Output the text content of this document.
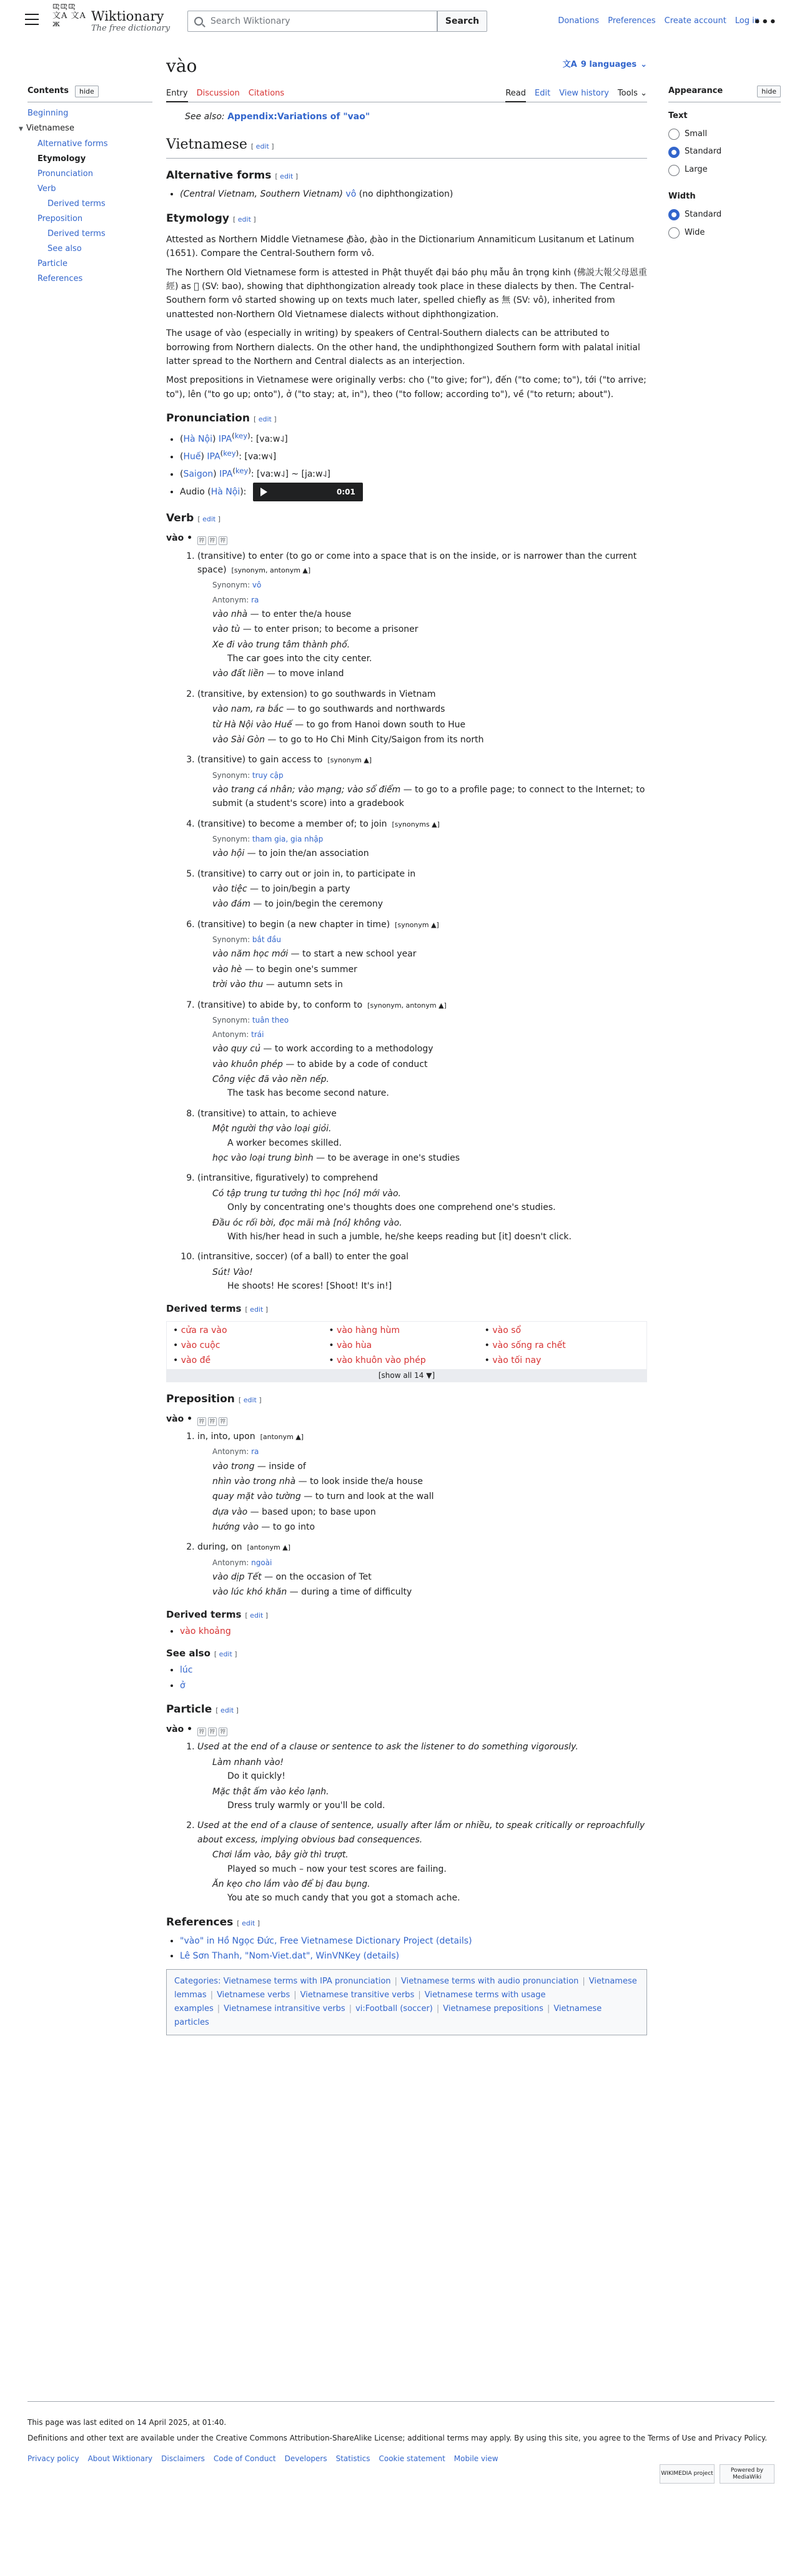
ꕓꕓꕓ 文A 文A ж
Wiktionary
The free dictionary
Search Wiktionary
Search	Donations Preferences Create account Log in
•••
Contents	hide
Beginning
▼ Vietnamese
Alternative forms
Etymology
Pronunciation
Verb
Derived terms
Preposition
Derived terms
See also
Particle
References
Appearance	hide
Text
Small
Standard
Large
Width
Standard
Wide
vào	文A 9 languages ⌄
Entry Discussion Citations	Read Edit View history Tools ⌄
See also: Appendix:Variations of "vao"
Vietnamese [ edit ]
Alternative forms [ edit ]
• (Central Vietnam, Southern Vietnam) vô (no diphthongization)
Etymology [ edit ]

Attested as Northern Middle Vietnamese ꞗ̃ào, ꞗào in the Dictionarium Annamiticum Lusitanum et Latinum (1651). Compare the Central-Southern form vô.

The Northern Old Vietnamese form is attested in Phật thuyết đại báo phụ mẫu ân trọng kinh (佛説大報父母恩重經) as 𨀈 (SV: bao), showing that diphthongization already took place in these dialects by then. The Central-Southern form vô started showing up on texts much later, spelled chiefly as 無 (SV: vô), inherited from unattested non-Northern Old Vietnamese dialects without diphthongization.

The usage of vào (especially in writing) by speakers of Central-Southern dialects can be attributed to borrowing from Northern dialects. On the other hand, the undiphthongized Southern form with palatal initial latter spread to the Northern and Central dialects as an interjection.

Most prepositions in Vietnamese were originally verbs: cho ("to give; for"), đến ("to come; to"), tới ("to arrive; to"), lên ("to go up; onto"), ở ("to stay; at, in"), theo ("to follow; according to"), về ("to return; about").

Pronunciation [ edit ]
• (Hà Nội) $IPA^{(key)}$: [vaːw˨˩]
• (Huế) $IPA^{(key)}$: [vaːw˦˩]
• (Saigon) $IPA^{(key)}$: [vaːw˨˩] ~ [jaːw˨˩]
• Audio (Hà Nội):	0:01
Verb [ edit ]
vào • 𡦂 𡦂 𡦂
1. (transitive) to enter (to go or come into a space that is on the inside, or is narrower than the current space) [synonym, antonym ▲]
Synonym: vô
Antonym: ra
vào nhà — to enter the/a house
vào tù — to enter prison; to become a prisoner
Xe đi vào trung tâm thành phố.
The car goes into the city center.
vào đất liền — to move inland
2. (transitive, by extension) to go southwards in Vietnam
vào nam, ra bắc — to go southwards and northwards
từ Hà Nội vào Huế — to go from Hanoi down south to Hue
vào Sài Gòn — to go to Ho Chi Minh City/Saigon from its north
3. (transitive) to gain access to [synonym ▲]
Synonym: truy cập
vào trang cá nhân; vào mạng; vào sổ điểm — to go to a profile page; to connect to the Internet; to submit (a student's score) into a gradebook
4. (transitive) to become a member of; to join [synonyms ▲]
Synonym: tham gia, gia nhập
vào hội — to join the/an association
5. (transitive) to carry out or join in, to participate in
vào tiệc — to join/begin a party
vào đám — to join/begin the ceremony
6. (transitive) to begin (a new chapter in time) [synonym ▲]
Synonym: bắt đầu
vào năm học mới — to start a new school year
vào hè — to begin one's summer
trời vào thu — autumn sets in
7. (transitive) to abide by, to conform to [synonym, antonym ▲]
Synonym: tuân theo
Antonym: trái
vào quy củ — to work according to a methodology
vào khuôn phép — to abide by a code of conduct
Công việc đã vào nền nếp.
The task has become second nature.
8. (transitive) to attain, to achieve
Một người thợ vào loại giỏi.
A worker becomes skilled.
học vào loại trung bình — to be average in one's studies
9. (intransitive, figuratively) to comprehend
Có tập trung tư tưởng thì học [nó] mới vào.
Only by concentrating one's thoughts does one comprehend one's studies.
Đầu óc rối bời, đọc mãi mà [nó] không vào.
With his/her head in such a jumble, he/she keeps reading but [it] doesn't click.
10. (intransitive, soccer) (of a ball) to enter the goal
Sút! Vào!
He shoots! He scores! [Shoot! It's in!]
Derived terms [ edit ]
• cửa ra vào	• vào hàng hùm	• vào sổ
• vào cuộc	• vào hùa	• vào sống ra chết
• vào đề	• vào khuôn vào phép	• vào tối nay
[show all 14 ▼]
Preposition [ edit ]
vào • 𡦂 𡦂 𡦂
1. in, into, upon [antonym ▲]
Antonym: ra
vào trong — inside of
nhìn vào trong nhà — to look inside the/a house
quay mặt vào tường — to turn and look at the wall
dựa vào — based upon; to base upon
hướng vào — to go into
2. during, on [antonym ▲]
Antonym: ngoài
vào dịp Tết — on the occasion of Tet
vào lúc khó khăn — during a time of difficulty
Derived terms [ edit ]
• vào khoảng
See also [ edit ]
• lúc
• ở
Particle [ edit ]
vào • 𡦂 𡦂 𡦂
1. Used at the end of a clause or sentence to ask the listener to do something vigorously.
Làm nhanh vào!
Do it quickly!
Mặc thật ấm vào kẻo lạnh.
Dress truly warmly or you'll be cold.
2. Used at the end of a clause of sentence, usually after lắm or nhiều, to speak critically or reproachfully about excess, implying obvious bad consequences.
Chơi lắm vào, bây giờ thì trượt.
Played so much – now your test scores are failing.
Ăn kẹo cho lắm vào để bị đau bụng.
You ate so much candy that you got a stomach ache.
References [ edit ]
• "vào" in Hồ Ngọc Đức, Free Vietnamese Dictionary Project (details)
• Lê Sơn Thanh, "Nom-Viet.dat", WinVNKey (details)
Categories: Vietnamese terms with IPA pronunciation | Vietnamese terms with audio pronunciation | Vietnamese lemmas | Vietnamese verbs | Vietnamese transitive verbs | Vietnamese terms with usage examples | Vietnamese intransitive verbs | vi:Football (soccer) | Vietnamese prepositions | Vietnamese particles

This page was last edited on 14 April 2025, at 01:40.

Definitions and other text are available under the Creative Commons Attribution-ShareAlike License; additional terms may apply. By using this site, you agree to the Terms of Use and Privacy Policy.

Privacy policy About Wiktionary Disclaimers Code of Conduct Developers Statistics Cookie statement Mobile view
WIKIMEDIA project
Powered by MediaWiki
